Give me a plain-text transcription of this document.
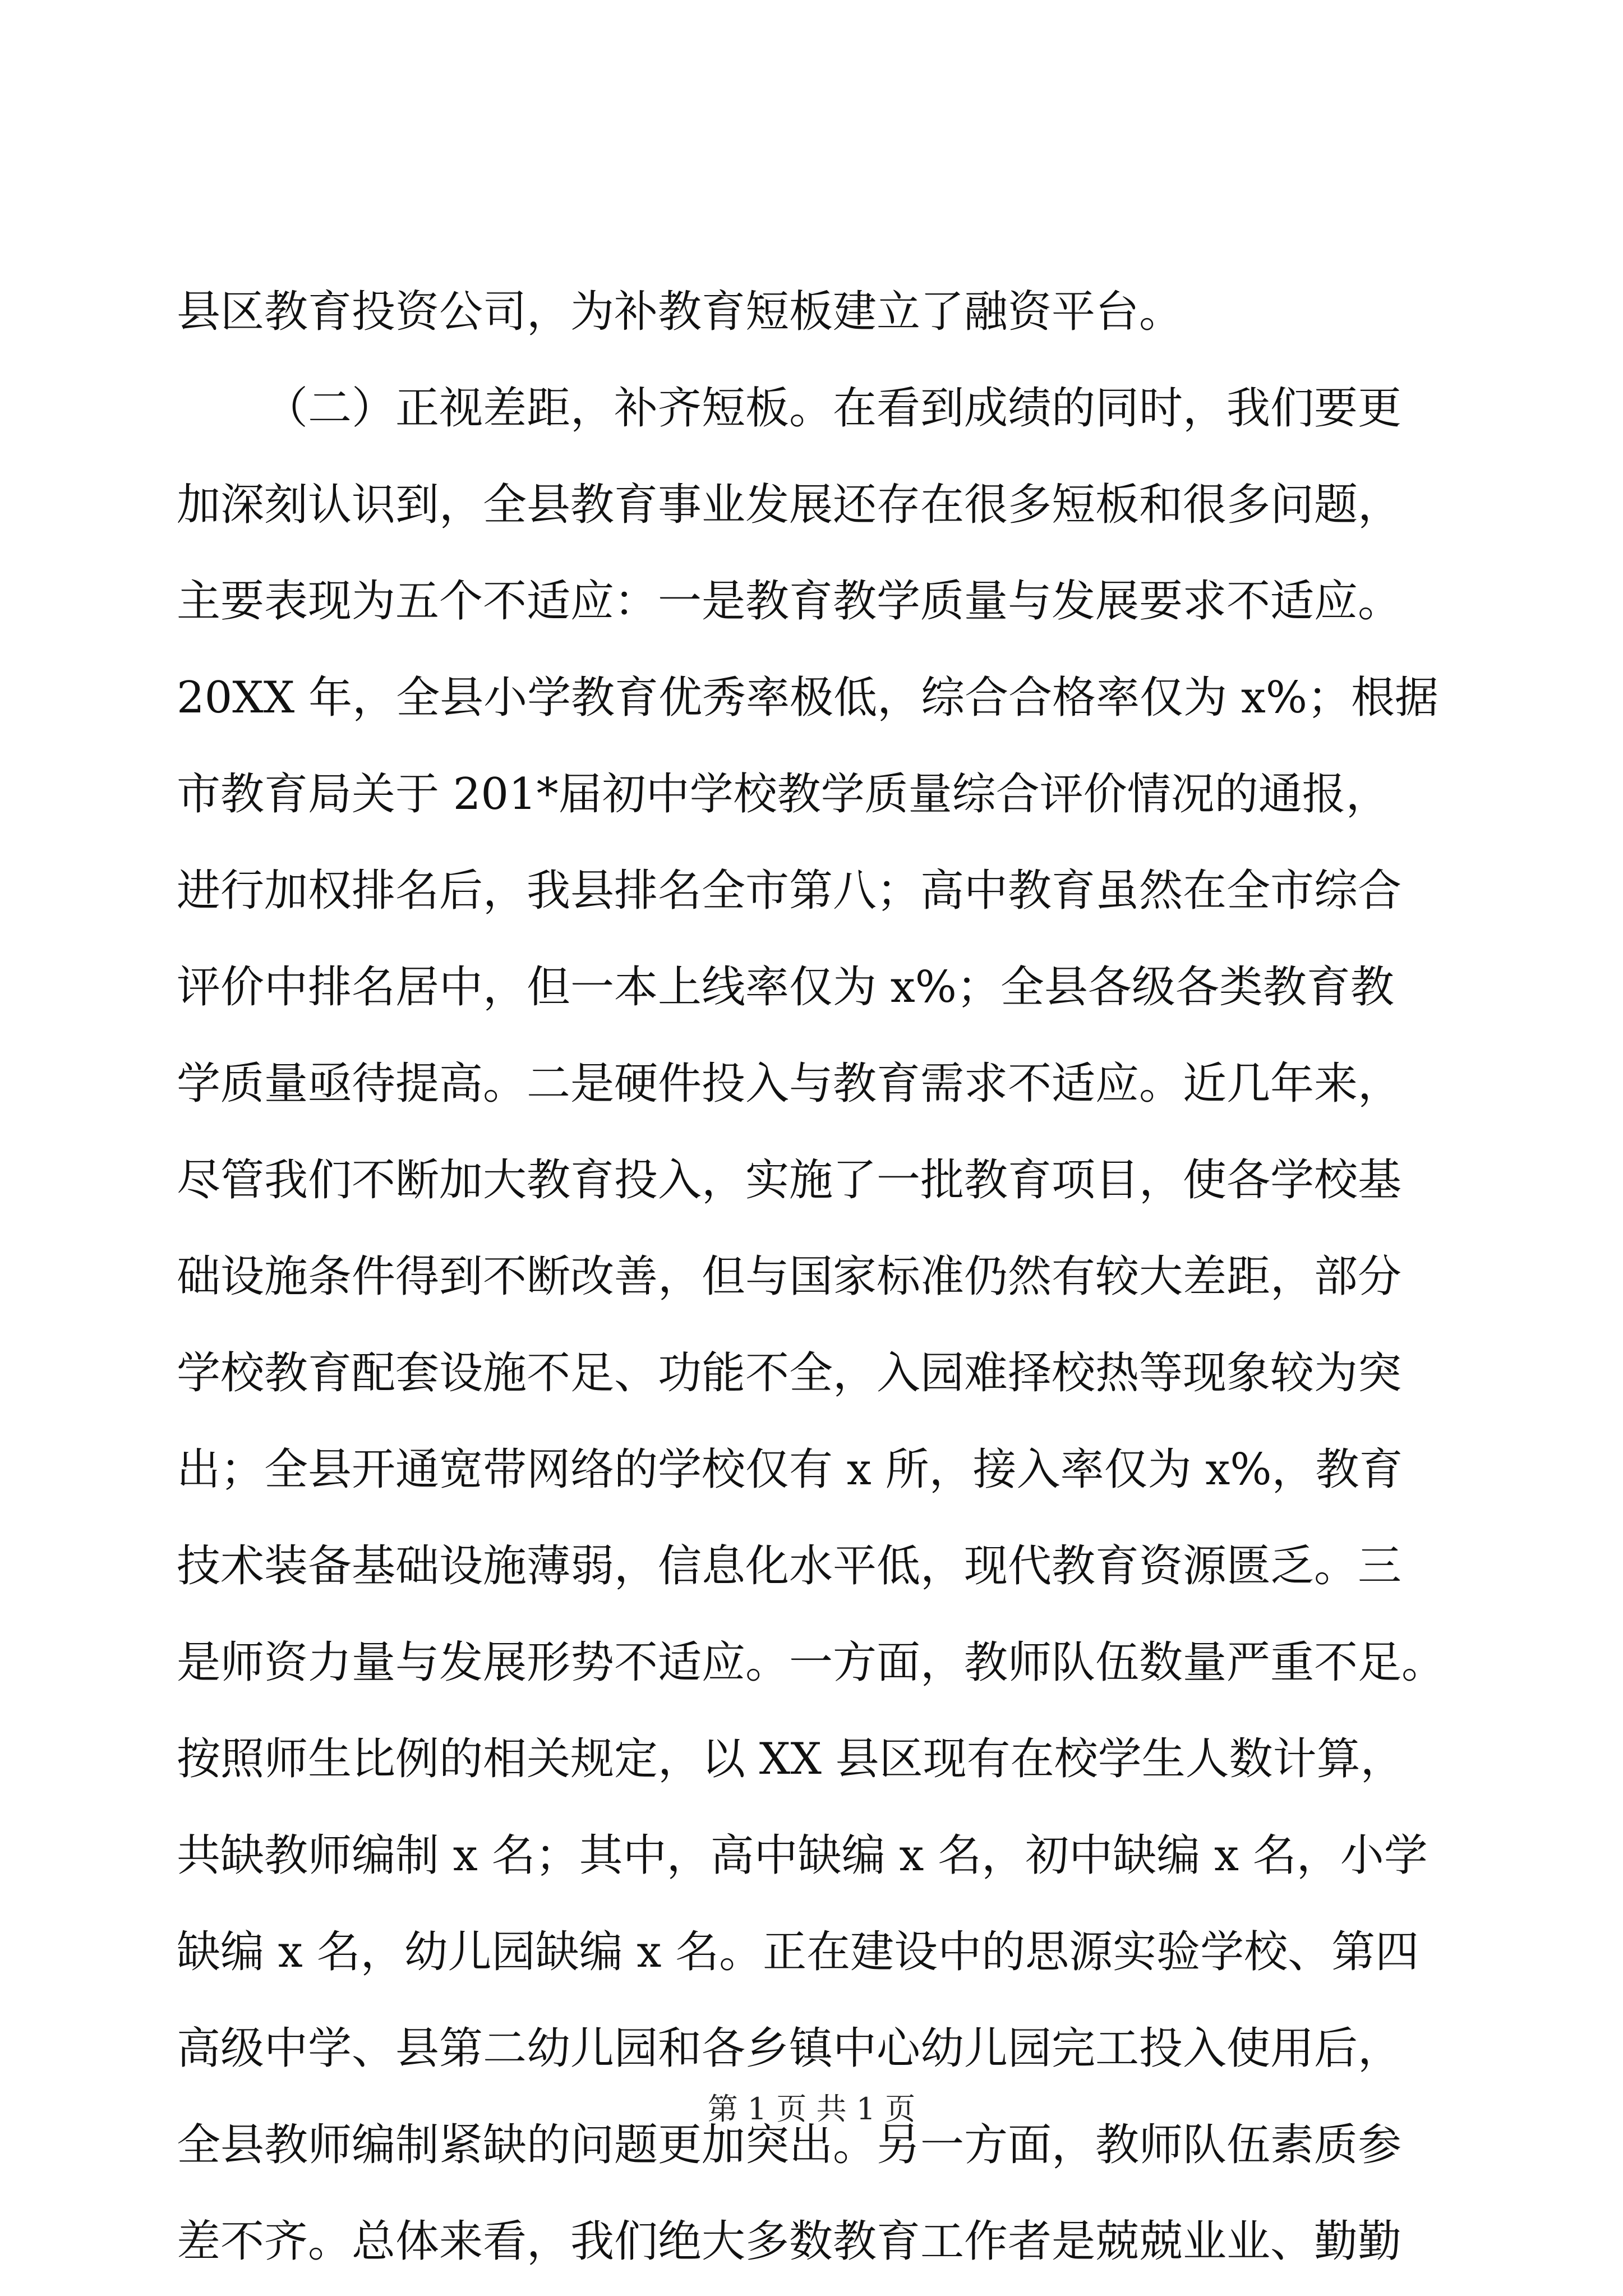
县区教育投资公司，为补教育短板建立了融资平台。
（二）正视差距，补齐短板。在看到成绩的同时，我们要更
加深刻认识到，全县教育事业发展还存在很多短板和很多问题，
主要表现为五个不适应：一是教育教学质量与发展要求不适应。
20XX 年，全县小学教育优秀率极低，综合合格率仅为 x%；根据
市教育局关于 201*届初中学校教学质量综合评价情况的通报，
进行加权排名后，我县排名全市第八；高中教育虽然在全市综合
评价中排名居中，但一本上线率仅为 x%；全县各级各类教育教
学质量亟待提高。二是硬件投入与教育需求不适应。近几年来，
尽管我们不断加大教育投入，实施了一批教育项目，使各学校基
础设施条件得到不断改善，但与国家标准仍然有较大差距，部分
学校教育配套设施不足、功能不全，入园难择校热等现象较为突
出；全县开通宽带网络的学校仅有 x 所，接入率仅为 x%，教育
技术装备基础设施薄弱，信息化水平低，现代教育资源匮乏。三
是师资力量与发展形势不适应。一方面，教师队伍数量严重不足。
按照师生比例的相关规定，以 XX 县区现有在校学生人数计算，
共缺教师编制 x 名；其中，高中缺编 x 名，初中缺编 x 名，小学
缺编 x 名，幼儿园缺编 x 名。正在建设中的思源实验学校、第四
高级中学、县第二幼儿园和各乡镇中心幼儿园完工投入使用后，
全县教师编制紧缺的问题更加突出。另一方面，教师队伍素质参
差不齐。总体来看，我们绝大多数教育工作者是兢兢业业、勤勤
第 1 页 共 1 页
